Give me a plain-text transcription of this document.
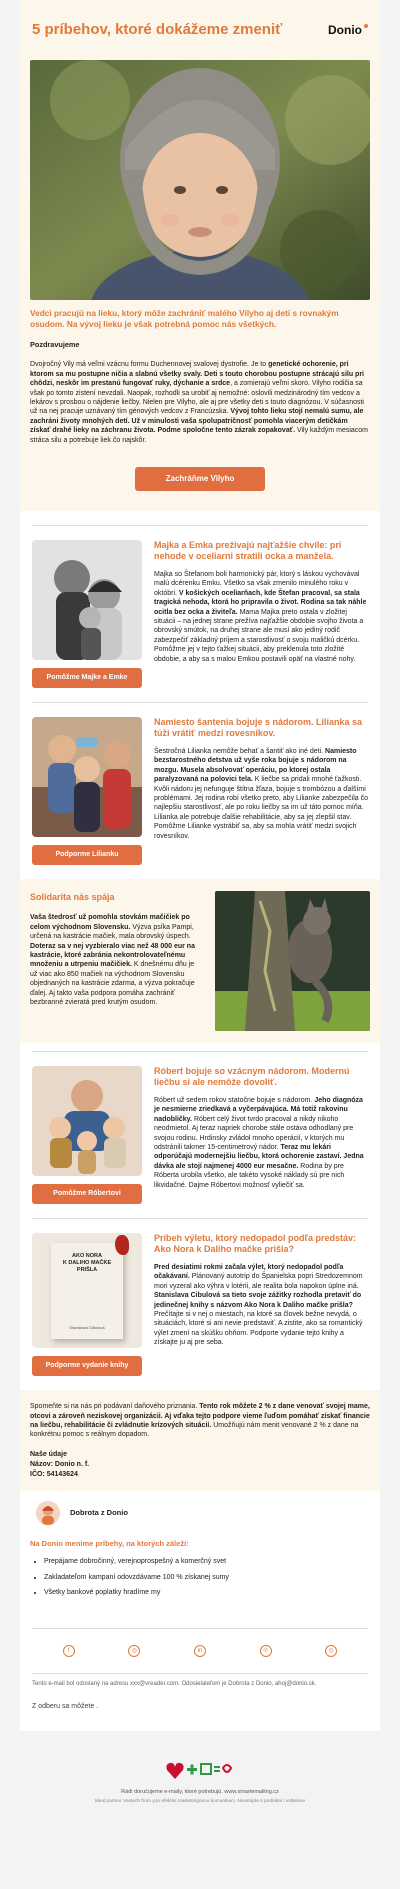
5 príbehov, ktoré dokážeme zmeniť	Donio

Vedci pracujú na lieku, ktorý môže zachrániť malého Vilyho aj deti s rovnakým osudom. Na vývoj lieku je však potrebná pomoc nás všetkých.

Pozdravujeme

Dvojročný Vily má veľmi vzácnu formu Duchennovej svalovej dystrofie. Je to genetické ochorenie, pri ktorom sa mu postupne ničia a slabnú všetky svaly. Deti s touto chorobou postupne strácajú silu pri chôdzi, neskôr im prestanú fungovať ruky, dýchanie a srdce, a zomierajú veľmi skoro. Vilyho rodičia sa však po tomto zistení nevzdali. Naopak, rozhodli sa urobiť aj nemožné: oslovili medzinárodný tím vedcov a lekárov s prosbou o nájdenie liečby. Nielen pre Vilyho, ale aj pre všetky deti s touto diagnózou. V súčasnosti už na nej pracuje uznávaný tím génových vedcov z Francúzska. Vývoj tohto lieku stojí nemalú sumu, ale zachráni životy mnohých detí. Už v minulosti vaša spolupatričnosť pomohla viacerým detičkám získať drahé lieky na záchranu života. Podme spoločne tento zázrak zopakovať. Vily každým mesiacom stráca silu a potrebuje liek čo najskôr.

Zachráňme Vilyho
Pomôžme Majke a Emke
Majka a Emka prežívajú najťažšie chvíle: pri nehode v oceliarni stratili ocka a manžela.

Majka so Štefanom boli harmonický pár, ktorý s láskou vychovával malú dcérenku Emku. Všetko sa však zmenilo minulého roku v októbri. V košických oceliarňach, kde Štefan pracoval, sa stala tragická nehoda, ktorá ho pripravila o život. Rodina sa tak náhle ocitla bez ocka a živiteľa. Mama Majka preto ostala v zložitej situácii – na jednej strane prežíva najťažšie obdobie svojho života a obrovský smútok, na druhej strane ale musí ako jediný rodič zabezpečiť základný príjem a starostlivosť o svoju maličkú dcérku. Pomôžme jej v tejto ťažkej situácii, aby preklenula toto zložité obdobie, a aby sa s malou Emkou postavili opäť na vlastné nohy.

Podporme Lilianku
Namiesto šantenia bojuje s nádorom. Lilianka sa túži vrátiť medzi rovesníkov.

Šestročná Lilianka nemôže behať a šantiť ako iné deti. Namiesto bezstarostného detstva už vyše roka bojuje s nádorom na mozgu. Musela absolvovať operáciu, po ktorej ostala paralyzovaná na polovici tela. K liečbe sa pridali mnohé ťažkosti. Kvôli nádoru jej nefunguje štítna žľaza, bojuje s trombózou a ďalšími problémami. Jej rodina robí všetko preto, aby Lilianke zabezpečila čo najlepšiu starostlivosť, ale po roku liečby sa im už táto pomoc míňa. Lilianka ale potrebuje ďalšie rehabilitácie, aby sa jej zlepšil stav. Pomôžme Lilianke vystrábiť sa, aby sa mohla vrátiť medzi svojich rovesníkov.

Solidarita nás spája

Vaša štedrosť už pomohla stovkám mačičiek po celom východnom Slovensku. Výzva psíka Pampi, určená na kastrácie mačiek, mala obrovský úspech. Doteraz sa v nej vyzbieralo viac než 48 000 eur na kastrácie, ktoré zabránia nekontrolovateľnému množeniu a utrpeniu mačičiek. K dnešnému dňu je už viac ako 850 mačiek na východnom Slovensku objednaných na kastrácie zdarma, a výzva pokračuje ďalej. Aj takto vaša podpora pomáha zachrániť bezbranné zvieratá pred krutým osudom.

Pomôžme Róbertovi
Róbert bojuje so vzácnym nádorom. Modernú liečbu si ale nemôže dovoliť.

Róbert už sedem rokov statočne bojuje s nádorom. Jeho diagnóza je nesmierne zriedkavá a vyčerpávajúca. Má totiž rakovinu nadobličky. Róbert celý život tvrdo pracoval a nikdy nikoho neodmietol. Aj teraz napriek chorobe stále ostáva odhodlaný pre svojou rodinu. Hrdinsky zvládol mnoho operácií, v ktorých mu odstránili takmer 15-centimetrový nádor. Teraz mu lekári odporúčajú modernejšiu liečbu, ktorá ochorenie zastaví. Jedna dávka ale stojí najmenej 4000 eur mesačne. Rodina by pre Róberta urobila všetko, ale takéto vysoké náklady sú pre nich likvidačné. Dajme Róbertovi možnosť vyliečiť sa.

AKO NORA
K DALIHO MAČKE
PRIŠLA
Stanislava Cibulová
Podporme vydanie knihy
Príbeh výletu, ktorý nedopadol podľa predstáv: Ako Nora k Daliho mačke prišla?

Pred desiatimi rokmi začala výlet, ktorý nedopadol podľa očakávaní. Plánovaný autotrip do Španielska popri Stredozemnom mori vyzeral ako výhra v lotérii, ale realita bola napokon úplne iná. Stanislava Cibulová sa tieto svoje zážitky rozhodla pretaviť do jedinečnej knihy s názvom Ako Nora k Daliho mačke prišla? Prečítajte si v nej o miestach, na ktoré sa človek bežne nevydá, o situáciách, ktoré si ani nevie predstaviť. A zistite, ako sa romantický výlet zmení na skúšku ohňom. Podporte vydanie tejto knihy a získajte ju aj pre seba.

Spomeňte si na nás pri podávaní daňového priznania. Tento rok môžete 2 % z dane venovať svojej mame, otcovi a zároveň neziskovej organizácii. Aj vďaka tejto podpore vieme ľuďom pomáhať získať financie na liečbu, rehabilitácie či zvládnutie krízových situácií. Umožňujú nám menit venované 2 % z dane na konkrétnu pomoc s reálnym dopadom.

Naše údaje
Názov: Donio n. f.
IČO: 54143624
Dobrota z Donio
Na Donio menime príbehy, na ktorých záleží:
• Prepájame dobročinný, verejnoprospešný a komerčný svet
• Zakladateľom kampaní odovzdávame 100 % získanej sumy
• Všetky bankové poplatky hradíme my
f	◎	in	℗	◎
Tento e-mail bol odoslaný na adresu xxx@vreader.com. Odosielateľom je Dobrota z Donio, ahoj@donio.sk.
Z odberu sa môžete .
Rádi doručujeme e-maily, ktoré potrebujú. www.smartemailing.cz
Ideal partner Vestech from you efektiví marketingovou komunikaci. Nevstúpte s podnikat i vsBelove
